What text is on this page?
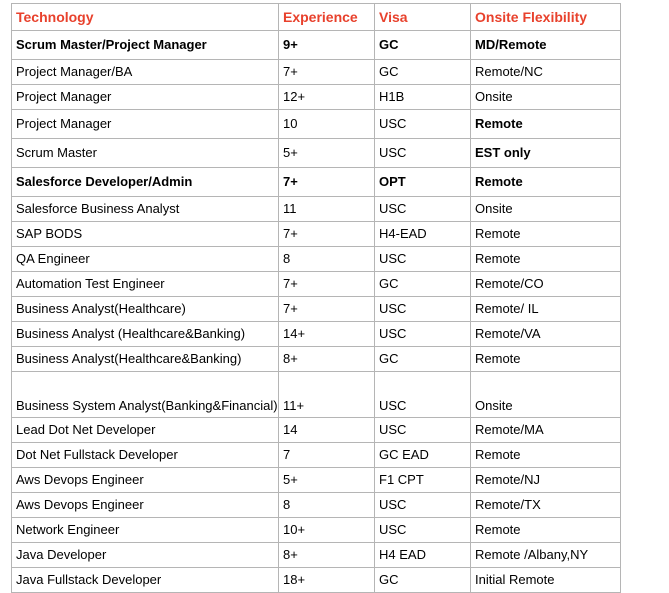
Technology	Experience	Visa	Onsite Flexibility
Scrum Master/Project Manager	9+	GC	MD/Remote
Project Manager/BA	7+	GC	Remote/NC
Project Manager	12+	H1B	Onsite
Project Manager	10	USC	Remote
Scrum Master	5+	USC	EST only
Salesforce Developer/Admin	7+	OPT	Remote
Salesforce Business Analyst	11	USC	Onsite
SAP BODS	7+	H4-EAD	Remote
QA Engineer	8	USC	Remote
Automation Test Engineer	7+	GC	Remote/CO
Business Analyst(Healthcare)	7+	USC	Remote/ IL
Business Analyst (Healthcare&Banking)	14+	USC	Remote/VA
Business Analyst(Healthcare&Banking)	8+	GC	Remote
Business System Analyst(Banking&Financial)	11+	USC	Onsite
Lead Dot Net Developer	14	USC	Remote/MA
Dot Net Fullstack Developer	7	GC EAD	Remote
Aws Devops Engineer	5+	F1 CPT	Remote/NJ
Aws Devops Engineer	8	USC	Remote/TX
Network Engineer	10+	USC	Remote
Java Developer	8+	H4 EAD	Remote /Albany,NY
Java Fullstack Developer	18+	GC	Initial Remote
